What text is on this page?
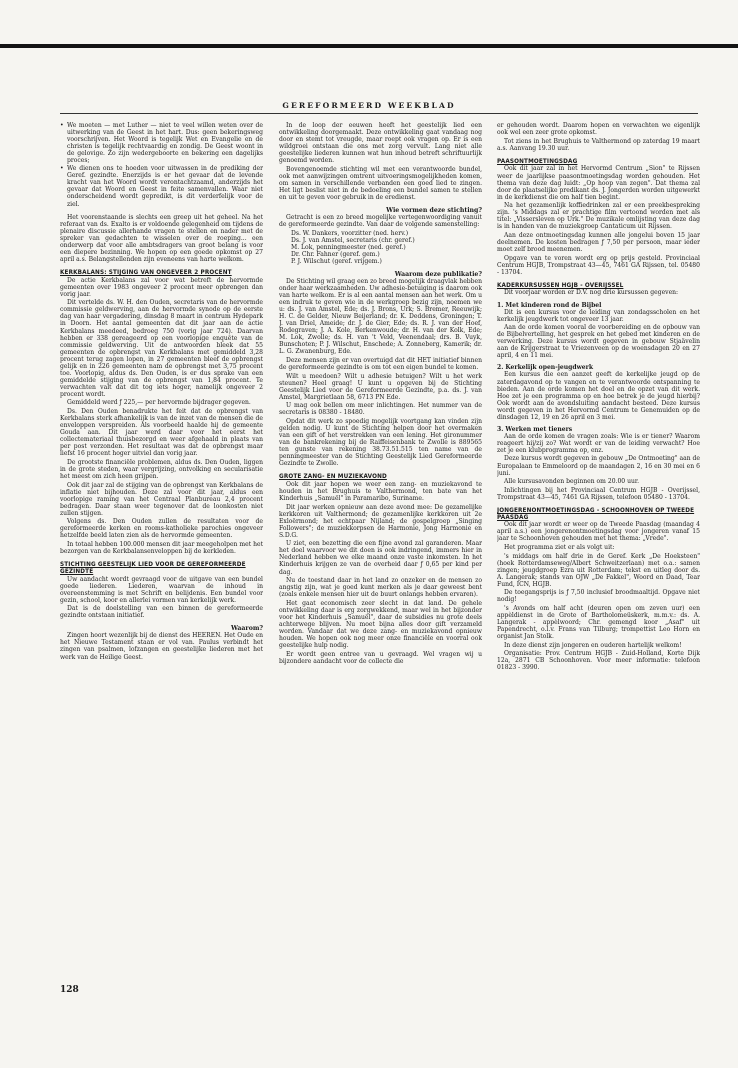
GEREFORMEERD WEEKBLAD
• We moeten — met Luther — niet te veel willen weten over de uitwerking van de Geest in het hart. Dus: geen bekeringsweg voorschrijven. Het Woord is tegelijk Wet en Evangelie en de christen is tegelijk rechtvaardig en zondig. De Geest woont in de gelovige. Zo zijn wedergeboorte en bekering een dagelijks proces;
• We dienen ons te hoeden voor uitwassen in de prediking der Geref. gezindte. Enerzijds is er het gevaar dat de levende kracht van het Woord wordt verontachtzaamd, anderzijds het gevaar dat Woord en Geest in feite samenvallen. Waar niet onderscheidend wordt gepredikt, is dit verderfelijk voor de ziel.

Het voorenstaande is slechts een greep uit het geheel. Na het referaat van ds. Exalto is er voldoende gelegenheid om tijdens de plenaire discussie allerhande vragen te stellen en nader met de spreker van gedachten te wisselen over de roeping... een onderwerp dat voor alle ambtsdragers van groot belang is voor een diepere bezinning. We hopen op een goede opkomst op 27 april a.s. Belangstellenden zijn eveneens van harte welkom.

KERKBALANS: STIJGING VAN ONGEVEER 2 PROCENT

De actie Kerkbalans zal voor wat betreft de hervormde gemeenten over 1983 ongeveer 2 procent meer opbrengen dan vorig jaar.

Dit vertelde ds. W. H. den Ouden, secretaris van de hervormde commissie geldwerving, aan de hervormde synode op de eerste dag van haar vergadering, dinsdag 8 maart in centrum Hydepark in Doorn. Het aantal gemeenten dat dit jaar aan de actie Kerkbalans meedeed, bedroeg 750 (vorig jaar 724). Daarvan hebben er 338 gereageerd op een voorlopige enquête van de commissie geldwerving. Uit de antwoorden bleek dat 55 gemeenten de opbrengst van Kerkbalans met gemiddeld 3,28 procent terug zagen lopen, in 27 gemeenten bleef de opbrengst gelijk en in 226 gemeenten nam de opbrengst met 3,75 procent toe. Voorlopig, aldus ds. Den Ouden, is er dus sprake van een gemiddelde stijging van de opbrengst van 1,84 procent. Te verwachten valt dat dit tog iets hoger, namelijk ongeveer 2 procent wordt.

Gemiddeld werd ƒ 225,— per hervormde bijdrager gegeven.

Ds. Den Ouden benadrukte het feit dat de opbrengst van Kerkbalans sterk afhankelijk is van de inzet van de mensen die de enveloppen verspreiden. Als voorbeeld haalde hij de gemeente Gouda aan. Dit jaar werd daar voor het eerst het collectemateriaal thuisbezorgd en weer afgehaald in plaats van per post verzonden. Het resultaat was dat de opbrengst maar liefst 16 procent hoger uitviel dan vorig jaar.

De grootste financiële problemen, aldus ds. Den Ouden, liggen in de grote steden, waar vergrijzing, ontvolking en secularisatie het meest om zich heen grijpen.

Ook dit jaar zal de stijging van de opbrengst van Kerkbalans de inflatie niet bijhouden. Deze zal voor dit jaar, aldus een voorlopige raming van het Centraal Planbureau 2,4 procent bedragen. Daar staan weer tegenover dat de loonkosten niet zullen stijgen.

Volgens ds. Den Ouden zullen de resultaten voor de gereformeerde kerken en rooms-katholieke parochies ongeveer hetzelfde beeld laten zien als de hervormde gemeenten.

In totaal hebben 100.000 mensen dit jaar meegeholpen met het bezorgen van de Kerkbalansenveloppen bij de kerkleden.

STICHTING GEESTELIJK LIED VOOR DE GEREFORMEERDE GEZINDTE

Uw aandacht wordt gevraagd voor de uitgave van een bundel goede liederen. Liederen, waarvan de inhoud in overeenstemming is met Schrift en belijdenis. Een bundel voor gezin, school, koor en allerlei vormen van kerkelijk werk.

Dat is de doelstelling van een binnen de gereformeerde gezindte ontstaan initiatief.

Waarom?

Zingen hoort wezenlijk bij de dienst des HEEREN. Het Oude en het Nieuwe Testament staan er vol van. Paulus verbindt het zingen van psalmen, lofzangen en geestelijke liederen met het werk van de Heilige Geest.

In de loop der eeuwen heeft het geestelijk lied een ontwikkeling doorgemaakt. Deze ontwikkeling gaat vandaag nog door en stemt tot vreugde, maar roept ook vragen op. Er is een wildgroei ontstaan die ons met zorg vervult. Lang niet alle geestelijke liederen kunnen wat hun inhoud betreft schriftuurlijk genoemd worden.

Bovengenoemde stichting wil met een verantwoorde bundel, ook met aanwijzingen omtrent uitvoeringsmogelijkheden komen, om samen in verschillende verbanden een goed lied te zingen. Het ligt beslist niet in de bedoeling een bundel samen te stellen en uit te geven voor gebruik in de eredienst.

Wie vormen deze stichting?

Getracht is een zo breed mogelijke vertegenwoordiging vanuit de gereformeerde gezindte. Van daar de volgende samenstelling:

Ds. W. Dankers, voorzitter (ned. herv.)
Ds. J. van Amstel, secretaris (chr. geref.)
M. Lok, penningmeester (ned. geref.)
Dr. Chr. Fahner (geref. gem.)
P. J. Wilschut (geref. vrijgem.)
Waarom deze publikatie?

De Stichting wil graag een zo breed mogelijk draagvlak hebben onder haar werkzaamheden. Uw adhesie-betuiging is daarom ook van harte welkom. Er is al een aantal mensen aan het werk. Om u een indruk te geven wie in de werkgroep bezig zijn, noemen we u: ds. J. van Amstel, Ede; ds. J. Brons, Urk; S. Bremer, Reeuwijk; H. C. de Gelder, Nieuw Beijerland; dr. K. Deddens, Groningen; T. J. van Driel, Ameide; dr. J. de Gier, Ede; ds. R. J. van der Hoef, Rodegraven; J. A. Kole, Berkenwoude; dr. H. van der Kolk, Ede; M. Lok, Zwolle; ds. H. van 't Veld, Veenendaal; drs. B. Vuyk, Bunschoten; P. J. Wilschut, Enschede; A. Zonneberg, Kamerik; dr. L. G. Zwanenburg, Ede.

Deze mensen zijn er van overtuigd dat dit HET initiatief binnen de gereformeerde gezindte is om tot een eigen bundel te komen.

Wilt u meedoen? Wilt u adhesie betuigen? Wilt u het werk steunen? Heel graag! U kunt u opgeven bij de Stichting Geestelijk Lied voor de Gereformeerde Gezindte, p.a. ds. J. van Amstel, Margrietlaan 58, 6713 PN Ede.

U mag ook bellen om meer inlichtingen. Het nummer van de secretaris is 08380 - 18480.

Opdat dit werk zo spoedig mogelijk voortgang kan vinden zijn gelden nodig. U kunt de Stichting helpen door het overmaken van een gift of het verstrekken van een lening. Het gironummer van de bankrekening bij de Raiffeisenbank te Zwolle is 889565 ten gunste van rekening 38.73.51.515 ten name van de penningmeester van de Stichting Geestelijk Lied Gereformeerde Gezindte te Zwolle.

GROTE ZANG- EN MUZIEKAVOND

Ook dit jaar hopen we weer een zang- en muziekavond te houden in het Brughuis te Valthermond, ten bate van het Kinderhuis „Samuël" in Paramaribo, Suriname.

Dit jaar werken opnieuw aan deze avond mee: De gezamelijke kerkkoren uit Valthermond; de gezamenlijke kerkkoren uit 2e Exloërmond; het echtpaar Nijland; de gospelgroep „Singing Followers"; de muziekkorpsen de Harmonie, Jong Harmonie en S.D.G.

U ziet, een bezetting die een fijne avond zal garanderen. Maar het doel waarvoor we dit doen is ook indringend, immers hier in Nederland hebben we elke maand onze vaste inkomsten. In het Kinderhuis krijgen ze van de overheid daar ƒ 0,65 per kind per dag.

Nu de toestand daar in het land zo onzeker en de mensen zo angstig zijn, wat je goed kunt merken als je daar geweest bent (zoals enkele mensen hier uit de buurt onlangs hebben ervaren).

Het gaat economisch zeer slecht in dat land. De gehele ontwikkeling daar is erg zorgwekkend, maar wel in het bijzonder voor het Kinderhuis „Samuël", daar de subsidies nu grote deels achterwege blijven. Nu moet bijna alles door gift verzameld worden. Vandaar dat we deze zang- en muziekavond opnieuw houden. We hopen ook nog meer onze financiële en voorral ook geestelijke hulp nodig.

Er wordt geen entree van u gevraagd. Wel vragen wij u bijzondere aandacht voor de collecte die

er gehouden wordt. Daarom hopen en verwachten we eigenlijk ook wel een zeer grote opkomst.

Tot ziens in het Brughuis te Valthermond op zaterdag 19 maart a.s. Aanvang 19.30 uur.

PAASONTMOETINGSDAG

Ook dit jaar zal in het Hervormd Centrum „Sion" te Rijssen weer de jaarlijkse paasontmoetingsdag worden gehouden. Het thema van deze dag luidt: „Op hoop van zegen". Dat thema zal door de plaatselijke predikant ds. J. Jongerden worden uitgewerkt in de kerkdienst die om half tien begint.

Na het gezamenlijk koffiedrinken zal er een preekbespreking zijn. 's Middags zal er prachtige film vertoond worden met als titel: „Vissersleven op Urk." De muzikale omlijsting van deze dag is in handen van de muziekgroep Cantaticum uit Rijssen.

Aan deze ontmoetingsdag kunnen alle jongelui boven 15 jaar deelnemen. De kosten bedragen ƒ 7,50 per persoon, maar ieder moet zelf brood meenemen.

Opgave van te voren wordt erg op prijs gesteld. Provinciaal Centrum HGJB, Trompstraat 43—45, 7461 GA Rijssen, tel. 05480 - 13704.

KADERKURSUSSEN HGJB - OVERIJSSEL

Dit voorjaar worden er D.V. nog drie kursussen gegeven:

1. Met kinderen rond de Bijbel

Dit is een kursus voor de leiding van zondagsscholen en het kerkelijk jeugdwerk tot ongeveer 13 jaar.

Aan de orde komen vooral de voorbereiding en de opbouw van de Bijbelvertelling, het gesprek en het gebed met kinderen en de verwerking. Deze kursus wordt gegeven in gebouw Stjaävelin aan de Krijgerstraat te Vriezenveen op de woensdagen 20 en 27 april, 4 en 11 mei.

2. Kerkelijk open-jeugdwerk

Een kursus die een aanzet geeft de kerkelijke jeugd op de zaterdagavond op te vangen en te verantwoorde ontspanning te bieden. Aan de orde komen het doel en de opzet van dit werk. Hoe zet je een programma op en hoe betrek je de jeugd hierbij? Ook wordt aan de avondsluiting aandacht besteed. Deze kursus wordt gegeven in het Hervormd Centrum te Genemuiden op de dinsdagen 12, 19 en 26 april en 3 mei.

3. Werken met tieners

Aan de orde komen de vragen zoals: Wie is er tiener? Waarom reageert hij/zij zo? Wat wordt er van de leiding verwacht? Hoe zet je een klubprogramma op, enz.

Deze kursus wordt gegeven in gebouw „De Ontmoeting" aan de Europalaan te Emmeloord op de maandagen 2, 16 en 30 mei en 6 juni.

Alle kursusavonden beginnen om 20.00 uur.

Inlichtingen bij het Provinciaal Centrum HGJB - Overijssel, Trompstraat 43—45, 7461 GA Rijssen, telefoon 05480 - 13704.

JONGERENONTMOETINGSDAG - SCHOONHOVEN OP TWEEDE PAASDAG

Ook dit jaar wordt er weer op de Tweede Paasdag (maandag 4 april a.s.) een jongerenontmoetingsdag voor jongeren vanaf 15 jaar te Schoonhoven gehouden met het thema: „Vrede".

Het programma ziet er als volgt uit:

's middags om half drie in de Geref. Kerk „De Hoeksteen" (hoek Rotterdamseweg/Albert Schweitzerlaan) met o.a.: samen zingen; jeugdgroep Ezra uit Rotterdam; tekst en uitleg door ds. A. Langerak; stands van OJW „De Fakkel", Woord en Daad, Tear Fund, ICN, HGJB.

De toegangsprijs is ƒ 7,50 inclusief broodmaaltijd. Opgave niet nodig!

's Avonds om half acht (deuren open om zeven uur) een appèldienst in de Grote of Bartholomeüskerk, m.m.v.: ds. A. Langerak - appèlwoord; Chr. gemengd koor „Asaf" uit Papendrecht, o.l.v. Frans van Tilburg; trompettist Leo Horn en organist Jan Stolk.

In deze dienst zijn jongeren en ouderen hartelijk welkom!

Organisatie: Prov. Centrum HGJB - Zuid-Holland, Korte Dijk 12a, 2871 CB Schoonhoven. Voor meer informatie: telefoon 01823 - 3990.

128
